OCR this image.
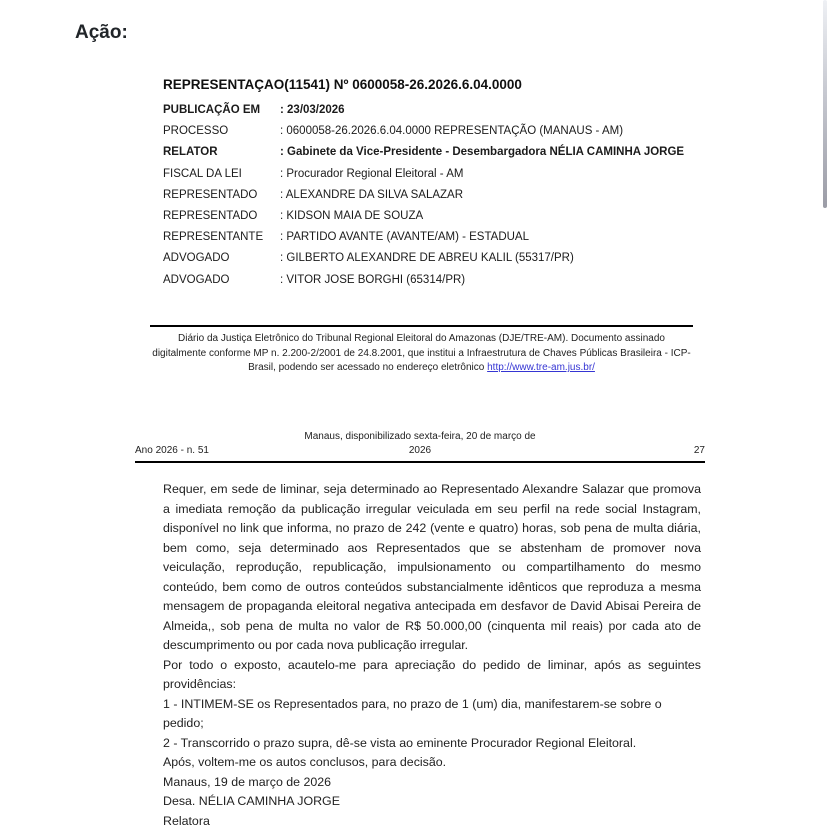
Ação:
REPRESENTAÇAO(11541) Nº 0600058-26.2026.6.04.0000
PUBLICAÇÃO EM	: 23/03/2026
PROCESSO	: 0600058-26.2026.6.04.0000 REPRESENTAÇÃO (MANAUS - AM)
RELATOR	: Gabinete da Vice-Presidente - Desembargadora NÉLIA CAMINHA JORGE
FISCAL DA LEI	: Procurador Regional Eleitoral - AM
REPRESENTADO	: ALEXANDRE DA SILVA SALAZAR
REPRESENTADO	: KIDSON MAIA DE SOUZA
REPRESENTANTE	: PARTIDO AVANTE (AVANTE/AM) - ESTADUAL
ADVOGADO	: GILBERTO ALEXANDRE DE ABREU KALIL (55317/PR)
ADVOGADO	: VITOR JOSE BORGHI (65314/PR)
Diário da Justiça Eletrônico do Tribunal Regional Eleitoral do Amazonas (DJE/TRE-AM). Documento assinado digitalmente conforme MP n. 2.200-2/2001 de 24.8.2001, que institui a Infraestrutura de Chaves Públicas Brasileira - ICP-Brasil, podendo ser acessado no endereço eletrônico http://www.tre-am.jus.br/
Manaus, disponibilizado sexta-feira, 20 de março de
Ano 2026 - n. 51	2026	27

Requer, em sede de liminar, seja determinado ao Representado Alexandre Salazar que promova a imediata remoção da publicação irregular veiculada em seu perfil na rede social Instagram, disponível no link que informa, no prazo de 242 (vente e quatro) horas, sob pena de multa diária, bem como, seja determinado aos Representados que se abstenham de promover nova veiculação, reprodução, republicação, impulsionamento ou compartilhamento do mesmo conteúdo, bem como de outros conteúdos substancialmente idênticos que reproduza a mesma mensagem de propaganda eleitoral negativa antecipada em desfavor de David Abisai Pereira de Almeida,, sob pena de multa no valor de R$ 50.000,00 (cinquenta mil reais) por cada ato de descumprimento ou por cada nova publicação irregular.

Por todo o exposto, acautelo-me para apreciação do pedido de liminar, após as seguintes providências:

1 - INTIMEM-SE os Representados para, no prazo de 1 (um) dia, manifestarem-se sobre o pedido;

2 - Transcorrido o prazo supra, dê-se vista ao eminente Procurador Regional Eleitoral.

Após, voltem-me os autos conclusos, para decisão.

Manaus, 19 de março de 2026

Desa. NÉLIA CAMINHA JORGE

Relatora
